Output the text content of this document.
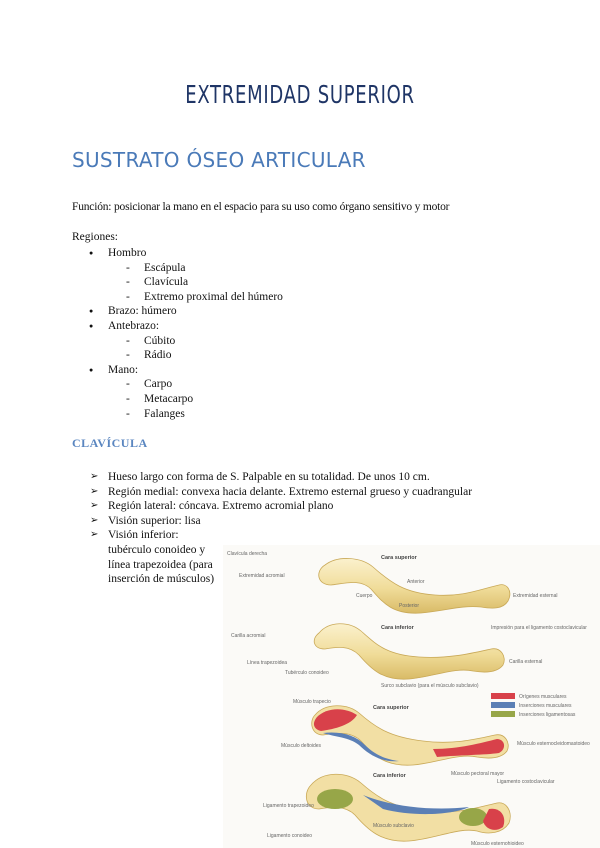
EXTREMIDAD SUPERIOR
SUSTRATO ÓSEO ARTICULAR
Función: posicionar la mano en el espacio para su uso como órgano sensitivo y motor
Regiones:
● Hombro
- Escápula
- Clavícula
- Extremo proximal del húmero
● Brazo: húmero
● Antebrazo:
- Cúbito
- Rádio
● Mano:
- Carpo
- Metacarpo
- Falanges
CLAVÍCULA
➢ Hueso largo con forma de S. Palpable en su totalidad. De unos 10 cm.
➢ Región medial: convexa hacia delante. Extremo esternal grueso y cuadrangular
➢ Región lateral: cóncava. Extremo acromial plano
➢ Visión superior: lisa
➢ Visión inferior:
tubérculo conoideo y línea trapezoidea (para inserción de músculos)
Clavícula derecha
Cara superior
Extremidad acromial
Extremidad esternal
Cuerpo
Anterior
Posterior
Cara inferior
Carilla acromial
Línea trapezoidea
Tubérculo conoideo
Carilla esternal
Impresión para el ligamento costoclavicular
Surco subclavio (para el músculo subclavio)
Orígenes musculares
Inserciones musculares
Inserciones ligamentosas
Cara superior
Músculo trapecio
Músculo deltoides	Músculo esternocleidomastoideo
Músculo pectoral mayor
Cara inferior
Ligamento costoclavicular
Ligamento trapezoideo
Ligamento conoideo
Músculo subclavio
Músculo esternohioideo
